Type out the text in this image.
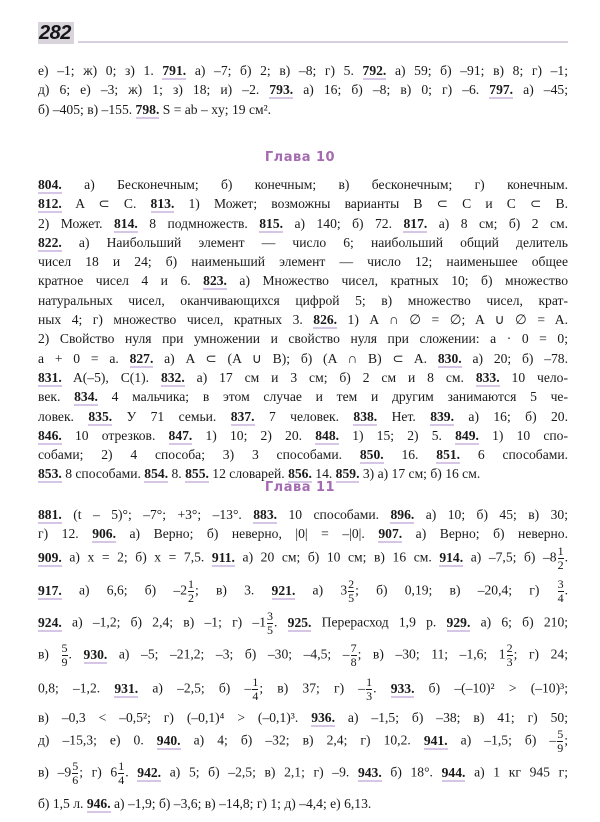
282
е) –1; ж) 0; з) 1. 791. а) –7; б) 2; в) –8; г) 5. 792. а) 59; б) –91; в) 8; г) –1;
д) 6; е) –3; ж) 1; з) 18; и) –2. 793. а) 16; б) –8; в) 0; г) –6. 797. а) –45;
б) –405; в) –155. 798. S = ab – xy; 19 см².
Глава 10
804. а) Бесконечным; б) конечным; в) бесконечным; г) конечным.
812. A ⊂ C. 813. 1) Может; возможны варианты B ⊂ C и C ⊂ B.
2) Может. 814. 8 подмножеств. 815. а) 140; б) 72. 817. а) 8 см; б) 2 см.
822. а) Наибольший элемент — число 6; наибольший общий делитель
чисел 18 и 24; б) наименьший элемент — число 12; наименьшее общее
кратное чисел 4 и 6. 823. а) Множество чисел, кратных 10; б) множество
натуральных чисел, оканчивающихся цифрой 5; в) множество чисел, крат-
ных 4; г) множество чисел, кратных 3. 826. 1) A ∩ ∅ = ∅; A ∪ ∅ = A.
2) Свойство нуля при умножении и свойство нуля при сложении: a · 0 = 0;
a + 0 = a. 827. а) A ⊂ (A ∪ B); б) (A ∩ B) ⊂ A. 830. а) 20; б) –78.
831. A(–5), C(1). 832. а) 17 см и 3 см; б) 2 см и 8 см. 833. 10 чело-
век. 834. 4 мальчика; в этом случае и тем и другим занимаются 5 че-
ловек. 835. У 71 семьи. 837. 7 человек. 838. Нет. 839. а) 16; б) 20.
846. 10 отрезков. 847. 1) 10; 2) 20. 848. 1) 15; 2) 5. 849. 1) 10 спо-
собами; 2) 4 способа; 3) 3 способами. 850. 16. 851. 6 способами.
853. 8 способами. 854. 8. 855. 12 словарей. 856. 14. 859. 3) а) 17 см; б) 16 см.
Глава 11
881. (t – 5)°; –7°; +3°; –13°. 883. 10 способами. 896. а) 10; б) 45; в) 30;
г) 12. 906. а) Верно; б) неверно, |0| = –|0|. 907. а) Верно; б) неверно.
909. а) x = 2; б) x = 7,5. 911. а) 20 см; б) 10 см; в) 16 см. 914. а) –7,5; б) $-8 \frac{1}{2}$ .
917. а) 6,6; б) $-2 \frac{1}{2}$ ; в) 3. 921. а) $3 \frac{2}{5}$ ; б) 0,19; в) –20,4; $г) \frac{3}{4}$ .
924. а) –1,2; б) 2,4; в) –1; г) $-1 \frac{3}{5}$ . 925. Перерасход 1,9 р. 929. а) 6; б) 210;
$в) \frac{5}{9}$ . 930. а) –5; –21,2; –3; б) –30; –4,5; – $\frac{7}{8}$ ; в) –30; 11; –1,6; $1 \frac{2}{3}$ ; г) 24;
0,8; –1,2. 931. а) –2,5; $б) - \frac{1}{4}$ ; в) 37; $г) - \frac{1}{3}$ . 933. б) –(–10)² > (–10)³;
в) –0,3 < –0,5²; г) (–0,1)⁴ > (–0,1)³. 936. а) –1,5; б) –38; в) 41; г) 50;
д) –15,3; е) 0. 940. а) 4; б) –32; в) 2,4; г) 10,2. 941. а) –1,5; $б) - \frac{5}{9}$ ;
в) $-9 \frac{5}{6}$ ; г) $6 \frac{1}{4}$ . 942. а) 5; б) –2,5; в) 2,1; г) –9. 943. б) 18°. 944. а) 1 кг 945 г;
б) 1,5 л. 946. а) –1,9; б) –3,6; в) –14,8; г) 1; д) –4,4; е) 6,13.
